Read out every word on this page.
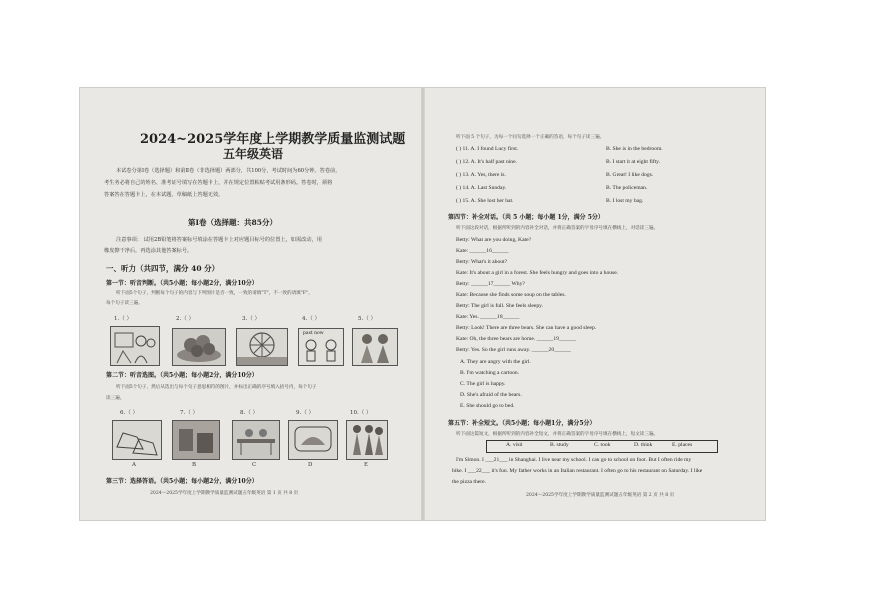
2024~2025学年度上学期教学质量监测试题
五年级英语
本试卷分第Ⅰ卷（选择题）和第Ⅱ卷（非选择题）两部分，共100分，考试时间为60分钟。答卷前，
考生务必将自己的姓名、准考证号填写在答题卡上，并在规定位置粘贴考试用条形码。答卷时，须将
答案答在答题卡上，在本试题、草稿纸上答题无效。
第Ⅰ卷（选择题：共85分）
注意事项： 试用2B铅笔将答案标号填涂在答题卡上对应题目标号的位置上，如需改动，用
橡皮擦干净后，再选涂其他答案标号。
一、听力（共四节，满分 40 分）
第一节：听音判断。（共5小题；每小题2分，满分10分）
听下面5个句子，判断每个句子的内容与下列图片是否一致，一致的请填"T"，不一致的请填"F"，
每个句子读三遍。
1.（ ）	2.（ ）	3.（ ）	4.（ ）	5.（ ）
past now
第二节：听音选图。（共5小题；每小题2分，满分10分）
听下面5个句子，然后从选出与每个句子意思相符的图片，并标出正确的序号填入括号内，每个句子
读三遍。
6.（ ）	7.（ ）	8.（ ）	9.（ ）	10.（ ）
A	B	C	D	E
第三节：选择答语。（共5小题；每小题2分，满分10分）
2024～2025学年度上学期教学质量监测试题五年级英语 第 1 页 共 8 页
听下面 5 个句子，为每一个问句选择一个正确的答语，每个句子读三遍。
( ) 11. A. I found Lucy first.	B. She is in the bedroom.
( ) 12. A. It's half past nine.	B. I start it at eight fifty.
( ) 13. A. Yes, there is.	B. Great! I like dogs.
( ) 14. A. Last Sunday.	B. The policeman.
( ) 15. A. She lost her hat.	B. I lost my bag.
第四节：补全对话。（共 5 小题；每小题 1分，满分 5分）
听下面这段对话，根据所听到的内容补全对话，并将正确答案的字母序号填在横线上，对话读三遍。
Betty: What are you doing, Kate?
Kate: ______16______
Betty: What's it about?
Kate: It's about a girl in a forest. She feels hungry and goes into a house.
Betty: ______17______ Why?
Kate: Because she finds some soup on the tables.
Betty: The girl is full. She feels sleepy.
Kate: Yes. ______18______
Betty: Look! There are three bears. She can have a good sleep.
Kate: Oh, the three bears are home. ______19______
Betty: Yes. So the girl runs away. ______20______
A. They are angry with the girl.
B. I'm watching a cartoon.
C. The girl is happy.
D. She's afraid of the bears.
E. She should go to bed.
第五节：补全短文。（共5小题；每小题1分，满分5分）
听下面这篇短文，根据所听到的内容补全短文，并将正确答案的字母序号填在横线上，短文读三遍。
A. visit	B. study	C. took	D. think	E. places
I'm Simon. I ___21___ in Shanghai. I live near my school. I can go to school on foot. But I often ride my
bike. I ___22___ it's fun. My father works in an Italian restaurant. I often go to his restaurant on Saturday. I like
the pizza there.
2024～2025学年度上学期教学质量监测试题五年级英语 第 2 页 共 8 页
